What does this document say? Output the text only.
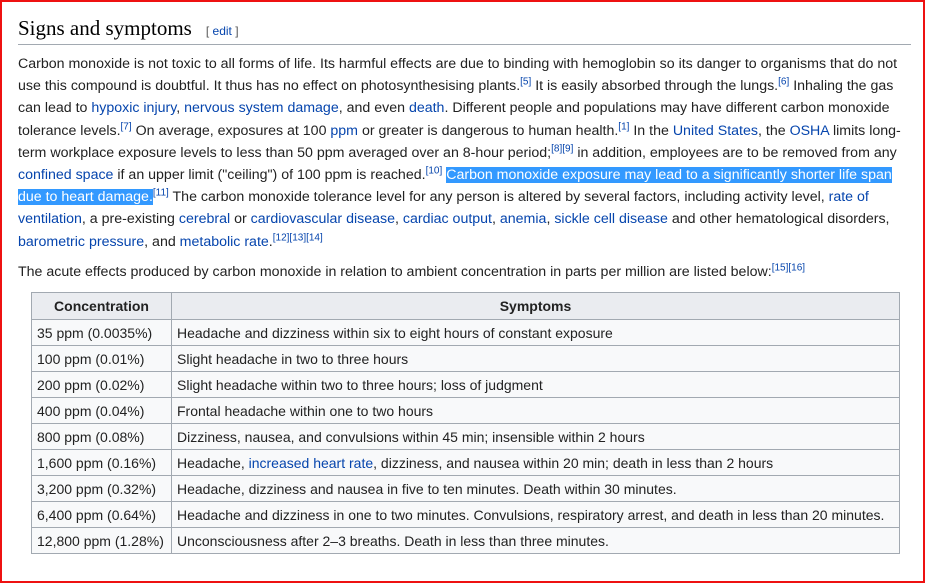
Signs and symptoms [ edit ]

Carbon monoxide is not toxic to all forms of life. Its harmful effects are due to binding with hemoglobin so its danger to organisms that do not use this compound is doubtful. It thus has no effect on photosynthesising plants.[5] It is easily absorbed through the lungs.[6] Inhaling the gas can lead to hypoxic injury, nervous system damage, and even death. Different people and populations may have different carbon monoxide tolerance levels.[7] On average, exposures at 100 ppm or greater is dangerous to human health.[1] In the United States, the OSHA limits long-term workplace exposure levels to less than 50 ppm averaged over an 8-hour period;[8][9] in addition, employees are to be removed from any confined space if an upper limit ("ceiling") of 100 ppm is reached.[10] Carbon monoxide exposure may lead to a significantly shorter life span due to heart damage.[11] The carbon monoxide tolerance level for any person is altered by several factors, including activity level, rate of ventilation, a pre-existing cerebral or cardiovascular disease, cardiac output, anemia, sickle cell disease and other hematological disorders, barometric pressure, and metabolic rate.[12][13][14]

The acute effects produced by carbon monoxide in relation to ambient concentration in parts per million are listed below:[15][16]

Concentration	Symptoms
35 ppm (0.0035%)	Headache and dizziness within six to eight hours of constant exposure
100 ppm (0.01%)	Slight headache in two to three hours
200 ppm (0.02%)	Slight headache within two to three hours; loss of judgment
400 ppm (0.04%)	Frontal headache within one to two hours
800 ppm (0.08%)	Dizziness, nausea, and convulsions within 45 min; insensible within 2 hours
1,600 ppm (0.16%)	Headache, increased heart rate, dizziness, and nausea within 20 min; death in less than 2 hours
3,200 ppm (0.32%)	Headache, dizziness and nausea in five to ten minutes. Death within 30 minutes.
6,400 ppm (0.64%)	Headache and dizziness in one to two minutes. Convulsions, respiratory arrest, and death in less than 20 minutes.
12,800 ppm (1.28%)	Unconsciousness after 2–3 breaths. Death in less than three minutes.
